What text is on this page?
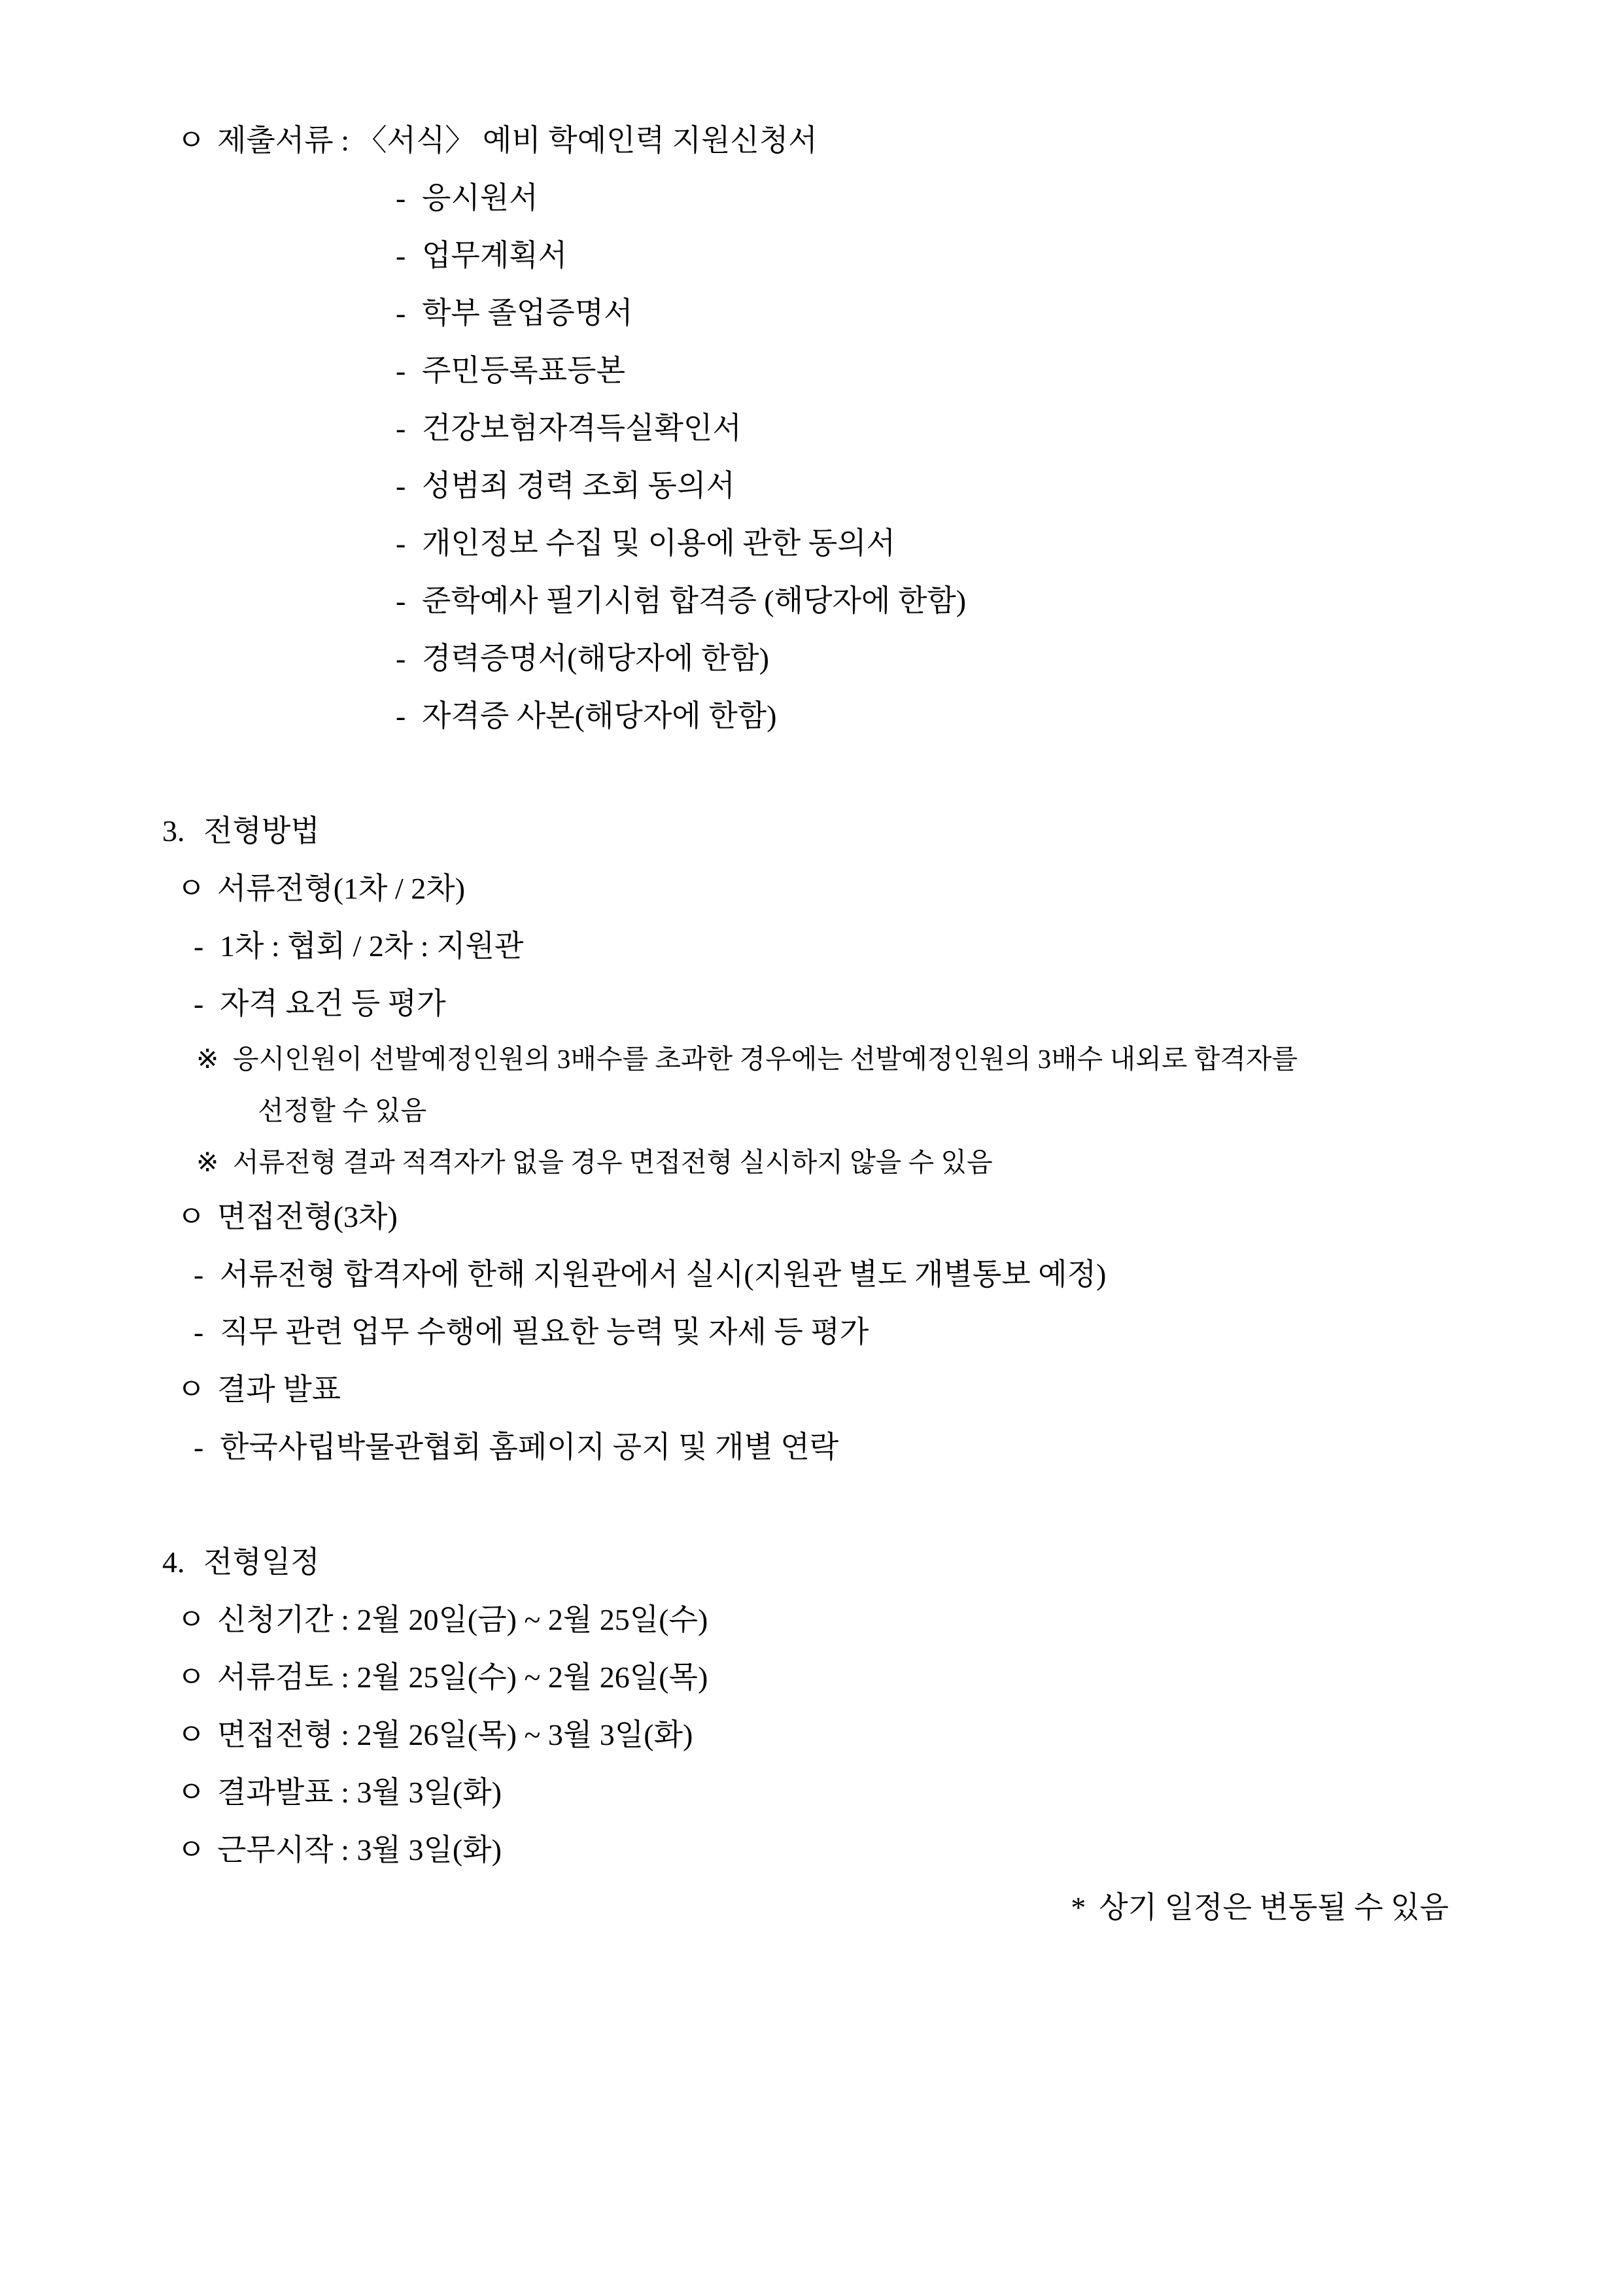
ㅇ 제출서류 : 〈서식〉 예비 학예인력 지원신청서
- 응시원서
- 업무계획서
- 학부 졸업증명서
- 주민등록표등본
- 건강보험자격득실확인서
- 성범죄 경력 조회 동의서
- 개인정보 수집 및 이용에 관한 동의서
- 준학예사 필기시험 합격증 (해당자에 한함)
- 경력증명서(해당자에 한함)
- 자격증 사본(해당자에 한함)
3. 전형방법
ㅇ 서류전형(1차 / 2차)
- 1차 : 협회 / 2차 : 지원관
- 자격 요건 등 평가
※ 응시인원이 선발예정인원의 3배수를 초과한 경우에는 선발예정인원의 3배수 내외로 합격자를
선정할 수 있음
※ 서류전형 결과 적격자가 없을 경우 면접전형 실시하지 않을 수 있음
ㅇ 면접전형(3차)
- 서류전형 합격자에 한해 지원관에서 실시(지원관 별도 개별통보 예정)
- 직무 관련 업무 수행에 필요한 능력 및 자세 등 평가
ㅇ 결과 발표
- 한국사립박물관협회 홈페이지 공지 및 개별 연락
4. 전형일정
ㅇ 신청기간 : 2월 20일(금) ~ 2월 25일(수)
ㅇ 서류검토 : 2월 25일(수) ~ 2월 26일(목)
ㅇ 면접전형 : 2월 26일(목) ~ 3월 3일(화)
ㅇ 결과발표 : 3월 3일(화)
ㅇ 근무시작 : 3월 3일(화)
* 상기 일정은 변동될 수 있음
